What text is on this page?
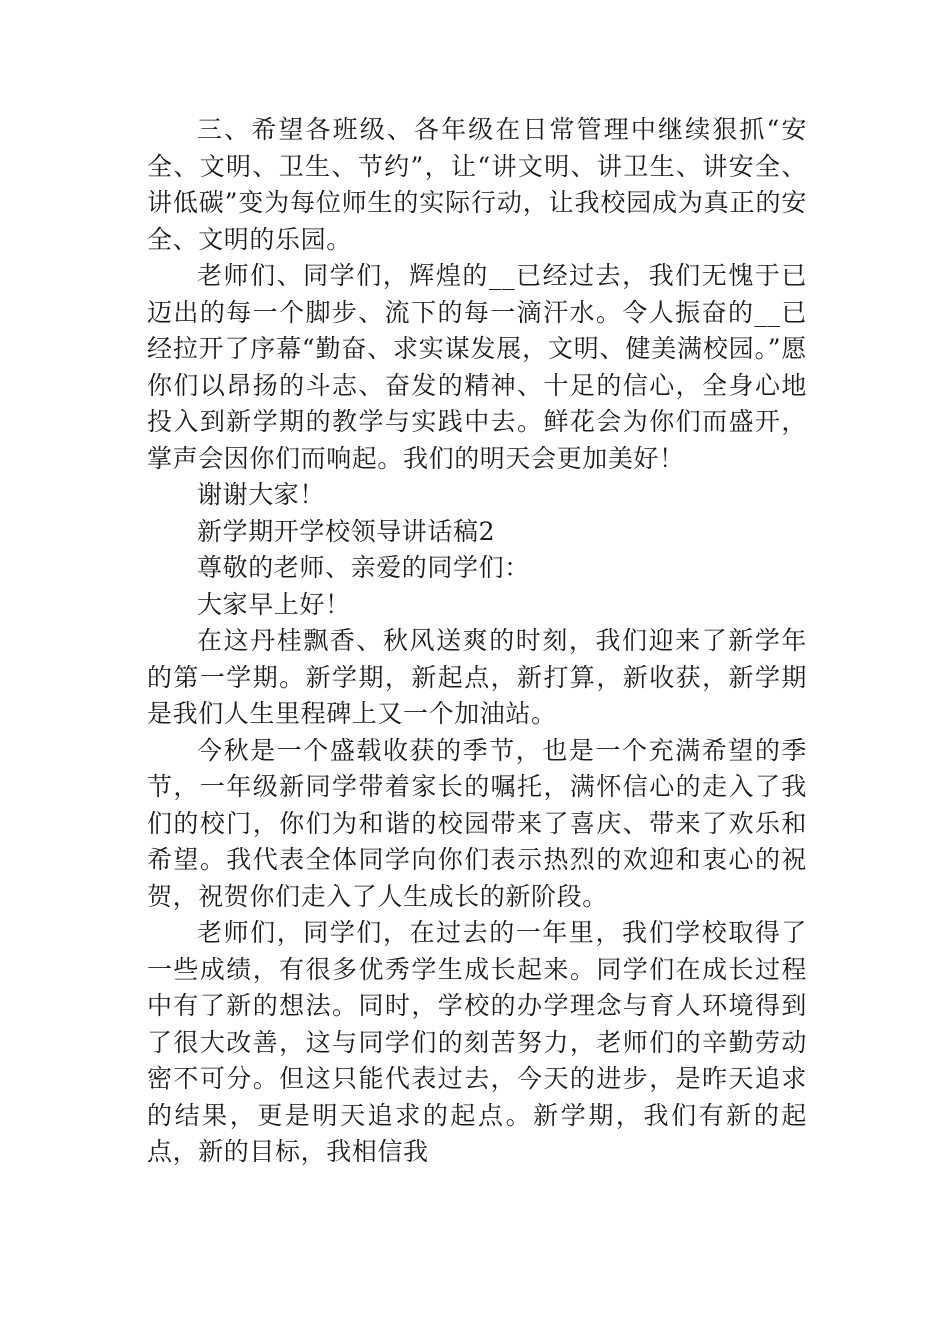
三、希望各班级、各年级在日常管理中继续狠抓“安全、文明、卫生、节约”，让“讲文明、讲卫生、讲安全、讲低碳”变为每位师生的实际行动，让我校园成为真正的安全、文明的乐园。

老师们、同学们，辉煌的__已经过去，我们无愧于已迈出的每一个脚步、流下的每一滴汗水。令人振奋的__已经拉开了序幕“勤奋、求实谋发展，文明、健美满校园。”愿你们以昂扬的斗志、奋发的精神、十足的信心，全身心地投入到新学期的教学与实践中去。鲜花会为你们而盛开，掌声会因你们而响起。我们的明天会更加美好！

谢谢大家！

新学期开学校领导讲话稿2

尊敬的老师、亲爱的同学们：

大家早上好！

在这丹桂飘香、秋风送爽的时刻，我们迎来了新学年的第一学期。新学期，新起点，新打算，新收获，新学期是我们人生里程碑上又一个加油站。

今秋是一个盛载收获的季节，也是一个充满希望的季节，一年级新同学带着家长的嘱托，满怀信心的走入了我们的校门，你们为和谐的校园带来了喜庆、带来了欢乐和希望。我代表全体同学向你们表示热烈的欢迎和衷心的祝贺，祝贺你们走入了人生成长的新阶段。

老师们，同学们，在过去的一年里，我们学校取得了一些成绩，有很多优秀学生成长起来。同学们在成长过程中有了新的想法。同时，学校的办学理念与育人环境得到了很大改善，这与同学们的刻苦努力，老师们的辛勤劳动密不可分。但这只能代表过去，今天的进步，是昨天追求的结果，更是明天追求的起点。新学期，我们有新的起点，新的目标，我相信我
